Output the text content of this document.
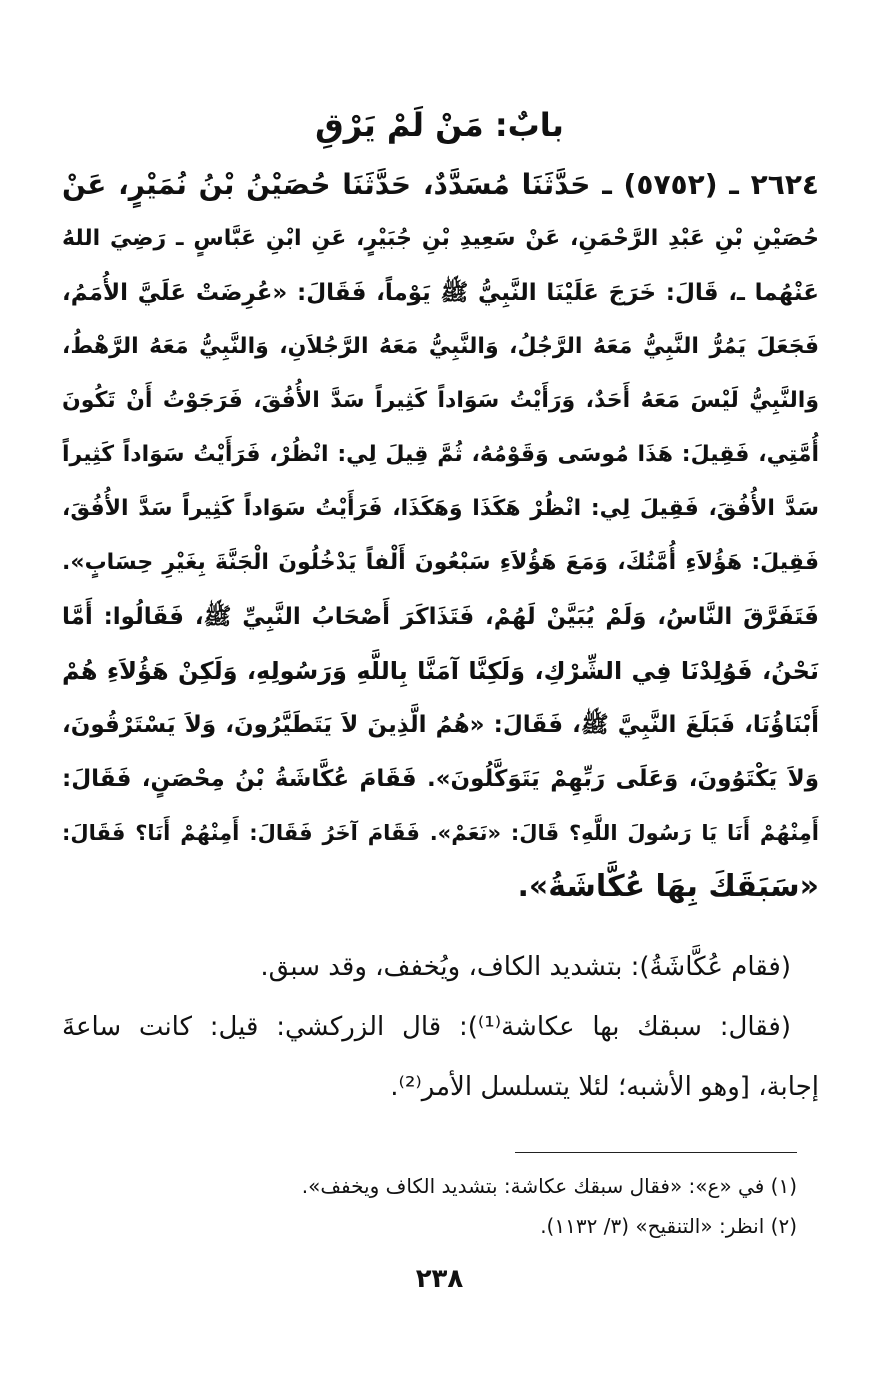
بابٌ: مَنْ لَمْ يَرْقِ
٢٦٢٤ ـ (٥٧٥٢) ـ حَدَّثَنَا مُسَدَّدٌ، حَدَّثَنَا حُصَيْنُ بْنُ نُمَيْرٍ، عَنْ
حُصَيْنِ بْنِ عَبْدِ الرَّحْمَنِ، عَنْ سَعِيدِ بْنِ جُبَيْرٍ، عَنِ ابْنِ عَبَّاسٍ ـ رَضِيَ اللهُ
عَنْهُما ـ، قَالَ: خَرَجَ عَلَيْنَا النَّبِيُّ ﷺ يَوْماً، فَقَالَ: «عُرِضَتْ عَلَيَّ الأُمَمُ،
فَجَعَلَ يَمُرُّ النَّبِيُّ مَعَهُ الرَّجُلُ، وَالنَّبِيُّ مَعَهُ الرَّجُلاَنِ، وَالنَّبِيُّ مَعَهُ الرَّهْطُ،
وَالنَّبِيُّ لَيْسَ مَعَهُ أَحَدٌ، وَرَأَيْتُ سَوَاداً كَثِيراً سَدَّ الأُفُقَ، فَرَجَوْتُ أَنْ تَكُونَ
أُمَّتِي، فَقِيلَ: هَذَا مُوسَى وَقَوْمُهُ، ثُمَّ قِيلَ لِي: انْظُرْ، فَرَأَيْتُ سَوَاداً كَثِيراً
سَدَّ الأُفُقَ، فَقِيلَ لِي: انْظُرْ هَكَذَا وَهَكَذَا، فَرَأَيْتُ سَوَاداً كَثِيراً سَدَّ الأُفُقَ،
فَقِيلَ: هَؤُلاَءِ أُمَّتُكَ، وَمَعَ هَؤُلاَءِ سَبْعُونَ أَلْفاً يَدْخُلُونَ الْجَنَّةَ بِغَيْرِ حِسَابٍ».
فَتَفَرَّقَ النَّاسُ، وَلَمْ يُبَيَّنْ لَهُمْ، فَتَذَاكَرَ أَصْحَابُ النَّبِيِّ ﷺ، فَقَالُوا: أَمَّا
نَحْنُ، فَوُلِدْنَا فِي الشِّرْكِ، وَلَكِنَّا آمَنَّا بِاللَّهِ وَرَسُولِهِ، وَلَكِنْ هَؤُلاَءِ هُمْ
أَبْنَاؤُنَا، فَبَلَغَ النَّبِيَّ ﷺ، فَقَالَ: «هُمُ الَّذِينَ لاَ يَتَطَيَّرُونَ، وَلاَ يَسْتَرْقُونَ،
وَلاَ يَكْتَوُونَ، وَعَلَى رَبِّهِمْ يَتَوَكَّلُونَ». فَقَامَ عُكَّاشَةُ بْنُ مِحْصَنٍ، فَقَالَ:
أَمِنْهُمْ أَنَا يَا رَسُولَ اللَّهِ؟ قَالَ: «نَعَمْ». فَقَامَ آخَرُ فَقَالَ: أَمِنْهُمْ أَنَا؟ فَقَالَ:
«سَبَقَكَ بِهَا عُكَّاشَةُ».
(فقام عُكَّاشَةُ): بتشديد الكاف، ويُخفف، وقد سبق.
(فقال: سبقك بها عكاشة⁽¹⁾): قال الزركشي: قيل: كانت ساعةَ
إجابة، [وهو الأشبه؛ لئلا يتسلسل الأمر⁽²⁾.
(١) في «ع»: «فقال سبقك عكاشة: بتشديد الكاف ويخفف».
(٢) انظر: «التنقيح» (٣/ ١١٣٢).
٢٣٨
